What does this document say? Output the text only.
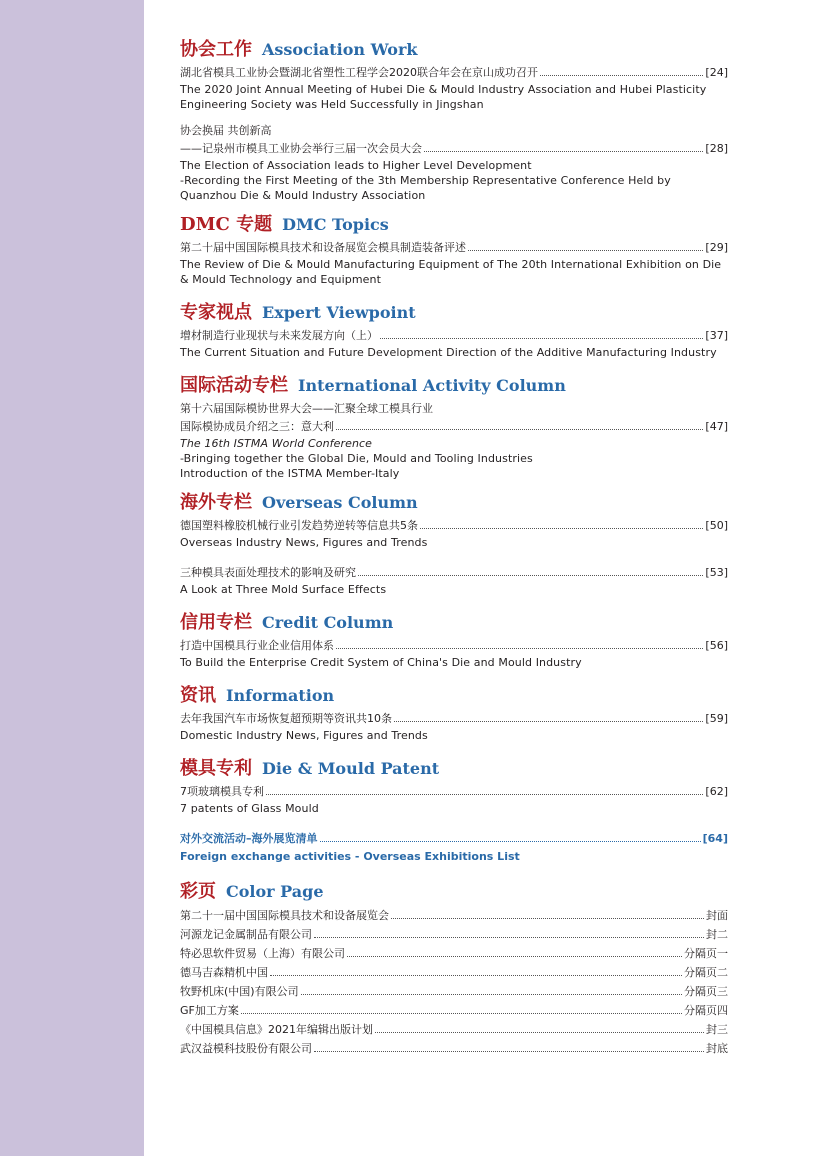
协会工作 Association Work
湖北省模具工业协会暨湖北省塑性工程学会2020联合年会在京山成功召开	[24]
The 2020 Joint Annual Meeting of Hubei Die & Mould Industry Association and Hubei Plasticity Engineering Society was Held Successfully in Jingshan
协会换届 共创新高
——记泉州市模具工业协会举行三届一次会员大会	[28]
The Election of Association leads to Higher Level Development
-Recording the First Meeting of the 3th Membership Representative Conference Held by Quanzhou Die & Mould Industry Association
DMC 专题 DMC Topics
第二十届中国国际模具技术和设备展览会模具制造装备评述	[29]
The Review of Die & Mould Manufacturing Equipment of The 20th International Exhibition on Die & Mould Technology and Equipment
专家视点 Expert Viewpoint
增材制造行业现状与未来发展方向（上）	[37]
The Current Situation and Future Development Direction of the Additive Manufacturing Industry
国际活动专栏 International Activity Column
第十六届国际模协世界大会——汇聚全球工模具行业
国际模协成员介绍之三：意大利	[47]
The 16th ISTMA World Conference
-Bringing together the Global Die, Mould and Tooling Industries
Introduction of the ISTMA Member-Italy
海外专栏 Overseas Column
德国塑料橡胶机械行业引发趋势逆转等信息共5条	[50]
Overseas Industry News, Figures and Trends
三种模具表面处理技术的影响及研究	[53]
A Look at Three Mold Surface Effects
信用专栏 Credit Column
打造中国模具行业企业信用体系	[56]
To Build the Enterprise Credit System of China's Die and Mould Industry
资讯 Information
去年我国汽车市场恢复超预期等资讯共10条	[59]
Domestic Industry News, Figures and Trends
模具专利 Die & Mould Patent
7项玻璃模具专利	[62]
7 patents of Glass Mould
对外交流活动–海外展览清单	[64]
Foreign exchange activities - Overseas Exhibitions List
彩页 Color Page
第二十一届中国国际模具技术和设备展览会	封面
河源龙记金属制品有限公司	封二
特必思软件贸易（上海）有限公司	分隔页一
德马吉森精机中国	分隔页二
牧野机床(中国)有限公司	分隔页三
GF加工方案	分隔页四
《中国模具信息》2021年编辑出版计划	封三
武汉益模科技股份有限公司	封底
